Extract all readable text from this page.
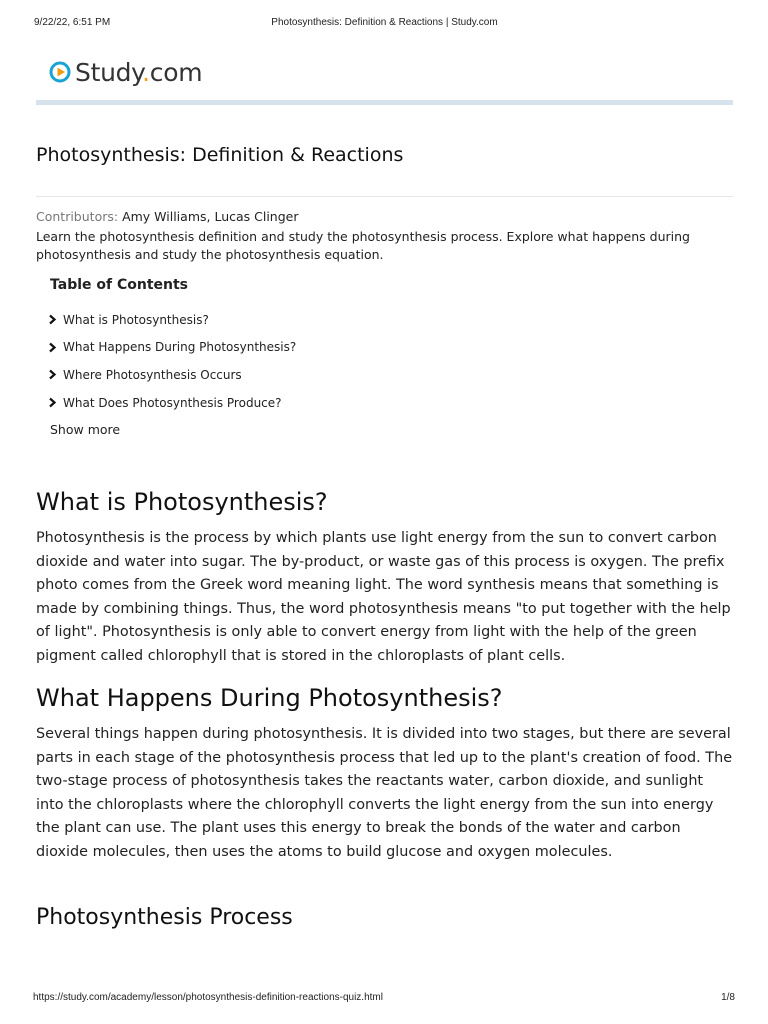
9/22/22, 6:51 PM	Photosynthesis: Definition & Reactions | Study.com
Study.com
Photosynthesis: Definition & Reactions
Contributors: Amy Williams, Lucas Clinger

Learn the photosynthesis definition and study the photosynthesis process. Explore what happens during photosynthesis and study the photosynthesis equation.

Table of Contents
What is Photosynthesis?
What Happens During Photosynthesis?
Where Photosynthesis Occurs
What Does Photosynthesis Produce?
Show more
What is Photosynthesis?

Photosynthesis is the process by which plants use light energy from the sun to convert carbon dioxide and water into sugar. The by-product, or waste gas of this process is oxygen. The prefix photo comes from the Greek word meaning light. The word synthesis means that something is made by combining things. Thus, the word photosynthesis means "to put together with the help of light". Photosynthesis is only able to convert energy from light with the help of the green pigment called chlorophyll that is stored in the chloroplasts of plant cells.

What Happens During Photosynthesis?

Several things happen during photosynthesis. It is divided into two stages, but there are several parts in each stage of the photosynthesis process that led up to the plant's creation of food. The two-stage process of photosynthesis takes the reactants water, carbon dioxide, and sunlight into the chloroplasts where the chlorophyll converts the light energy from the sun into energy the plant can use. The plant uses this energy to break the bonds of the water and carbon dioxide molecules, then uses the atoms to build glucose and oxygen molecules.

Photosynthesis Process
https://study.com/academy/lesson/photosynthesis-definition-reactions-quiz.html	1/8
